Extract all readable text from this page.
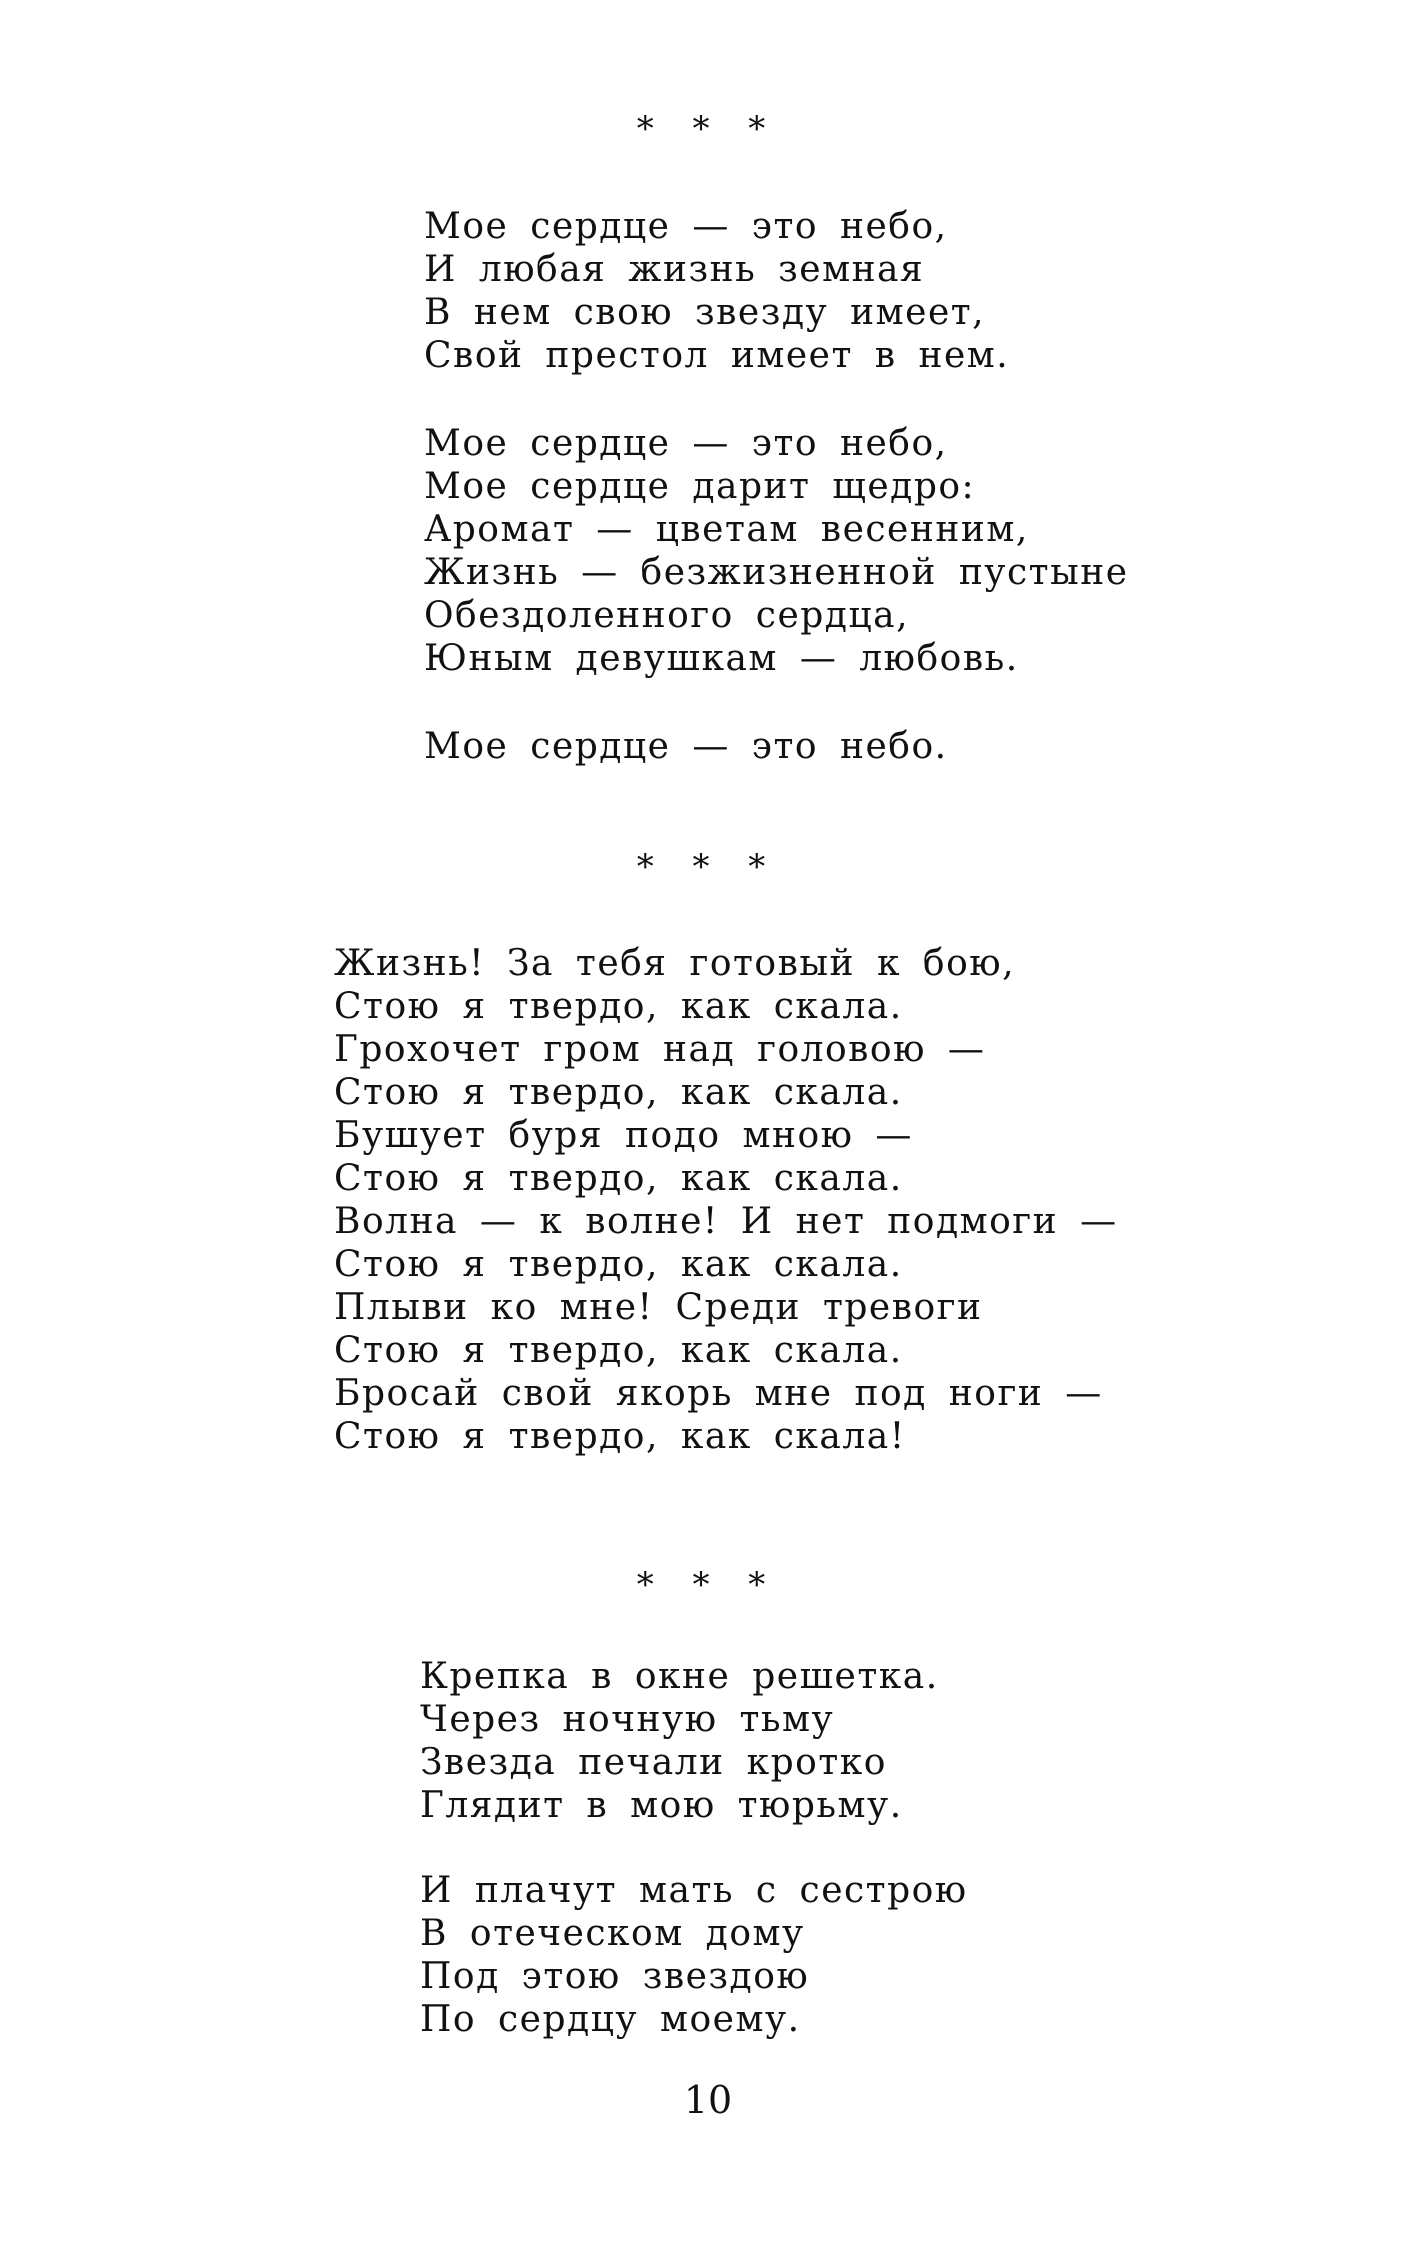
* * *
Мое сердце — это небо,
И любая жизнь земная
В нем свою звезду имеет,
Свой престол имеет в нем.
Мое сердце — это небо,
Мое сердце дарит щедро:
Аромат — цветам весенним,
Жизнь — безжизненной пустыне
Обездоленного сердца,
Юным девушкам — любовь.
Мое сердце — это небо.
* * *
Жизнь! За тебя готовый к бою,
Стою я твердо, как скала.
Грохочет гром над головою —
Стою я твердо, как скала.
Бушует буря подо мною —
Стою я твердо, как скала.
Волна — к волне! И нет подмоги —
Стою я твердо, как скала.
Плыви ко мне! Среди тревоги
Стою я твердо, как скала.
Бросай свой якорь мне под ноги —
Стою я твердо, как скала!
* * *
Крепка в окне решетка.
Через ночную тьму
Звезда печали кротко
Глядит в мою тюрьму.
И плачут мать с сестрою
В отеческом дому
Под этою звездою
По сердцу моему.
10
